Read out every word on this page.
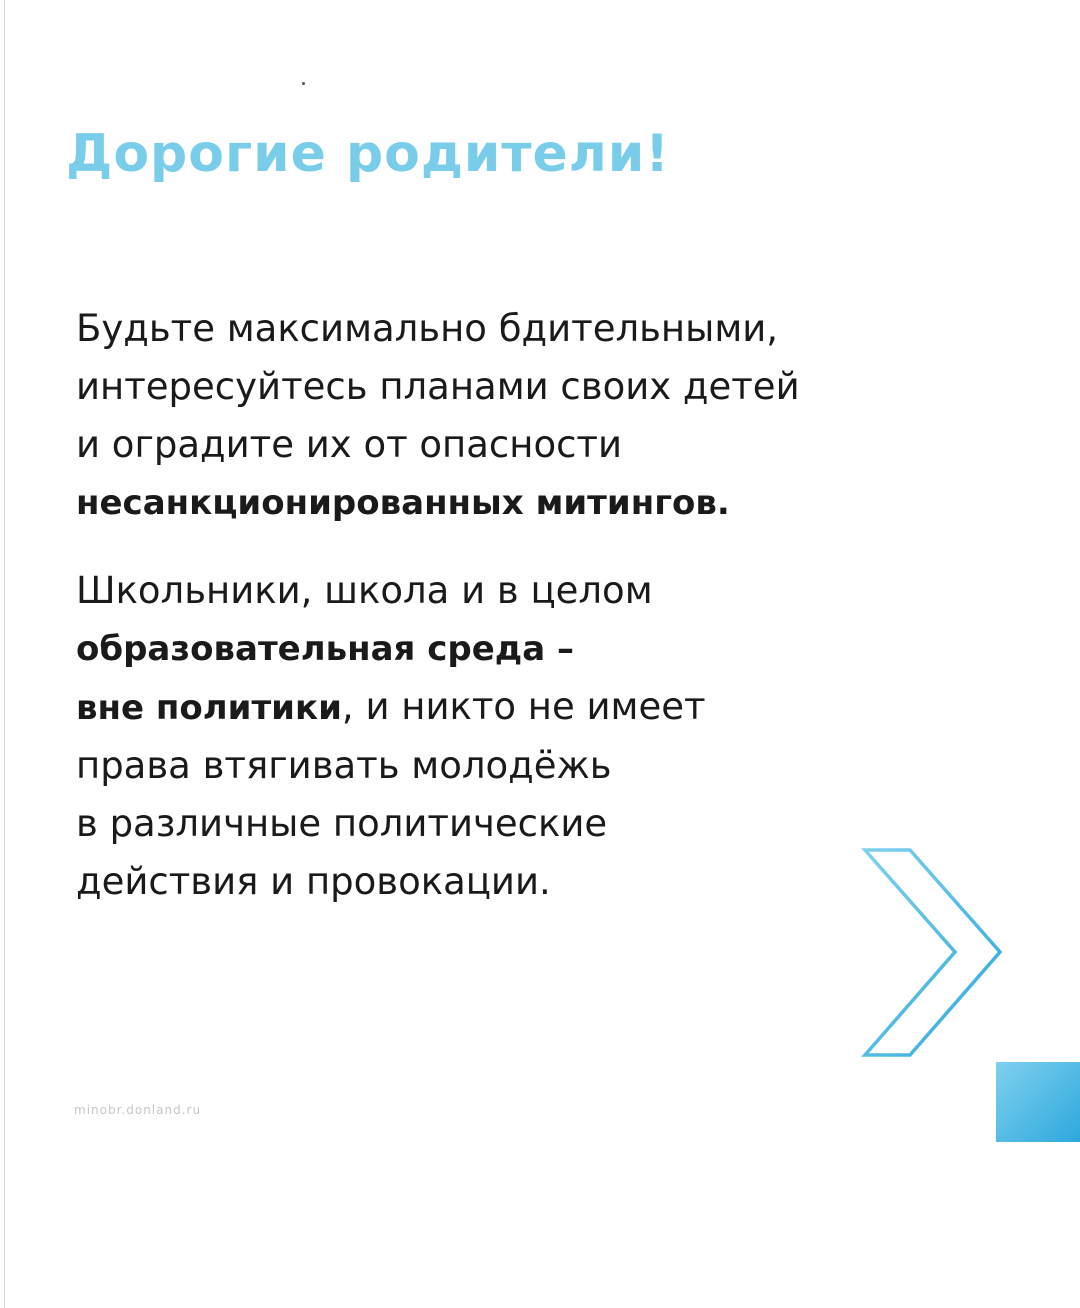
Дорогие родители!

Будьте максимально бдительными,
интересуйтесь планами своих детей
и оградите их от опасности
несанкционированных митингов.

Школьники, школа и в целом
образовательная среда –
вне политики, и никто не имеет
права втягивать молодёжь
в различные политические
действия и провокации.

minobr.donland.ru
